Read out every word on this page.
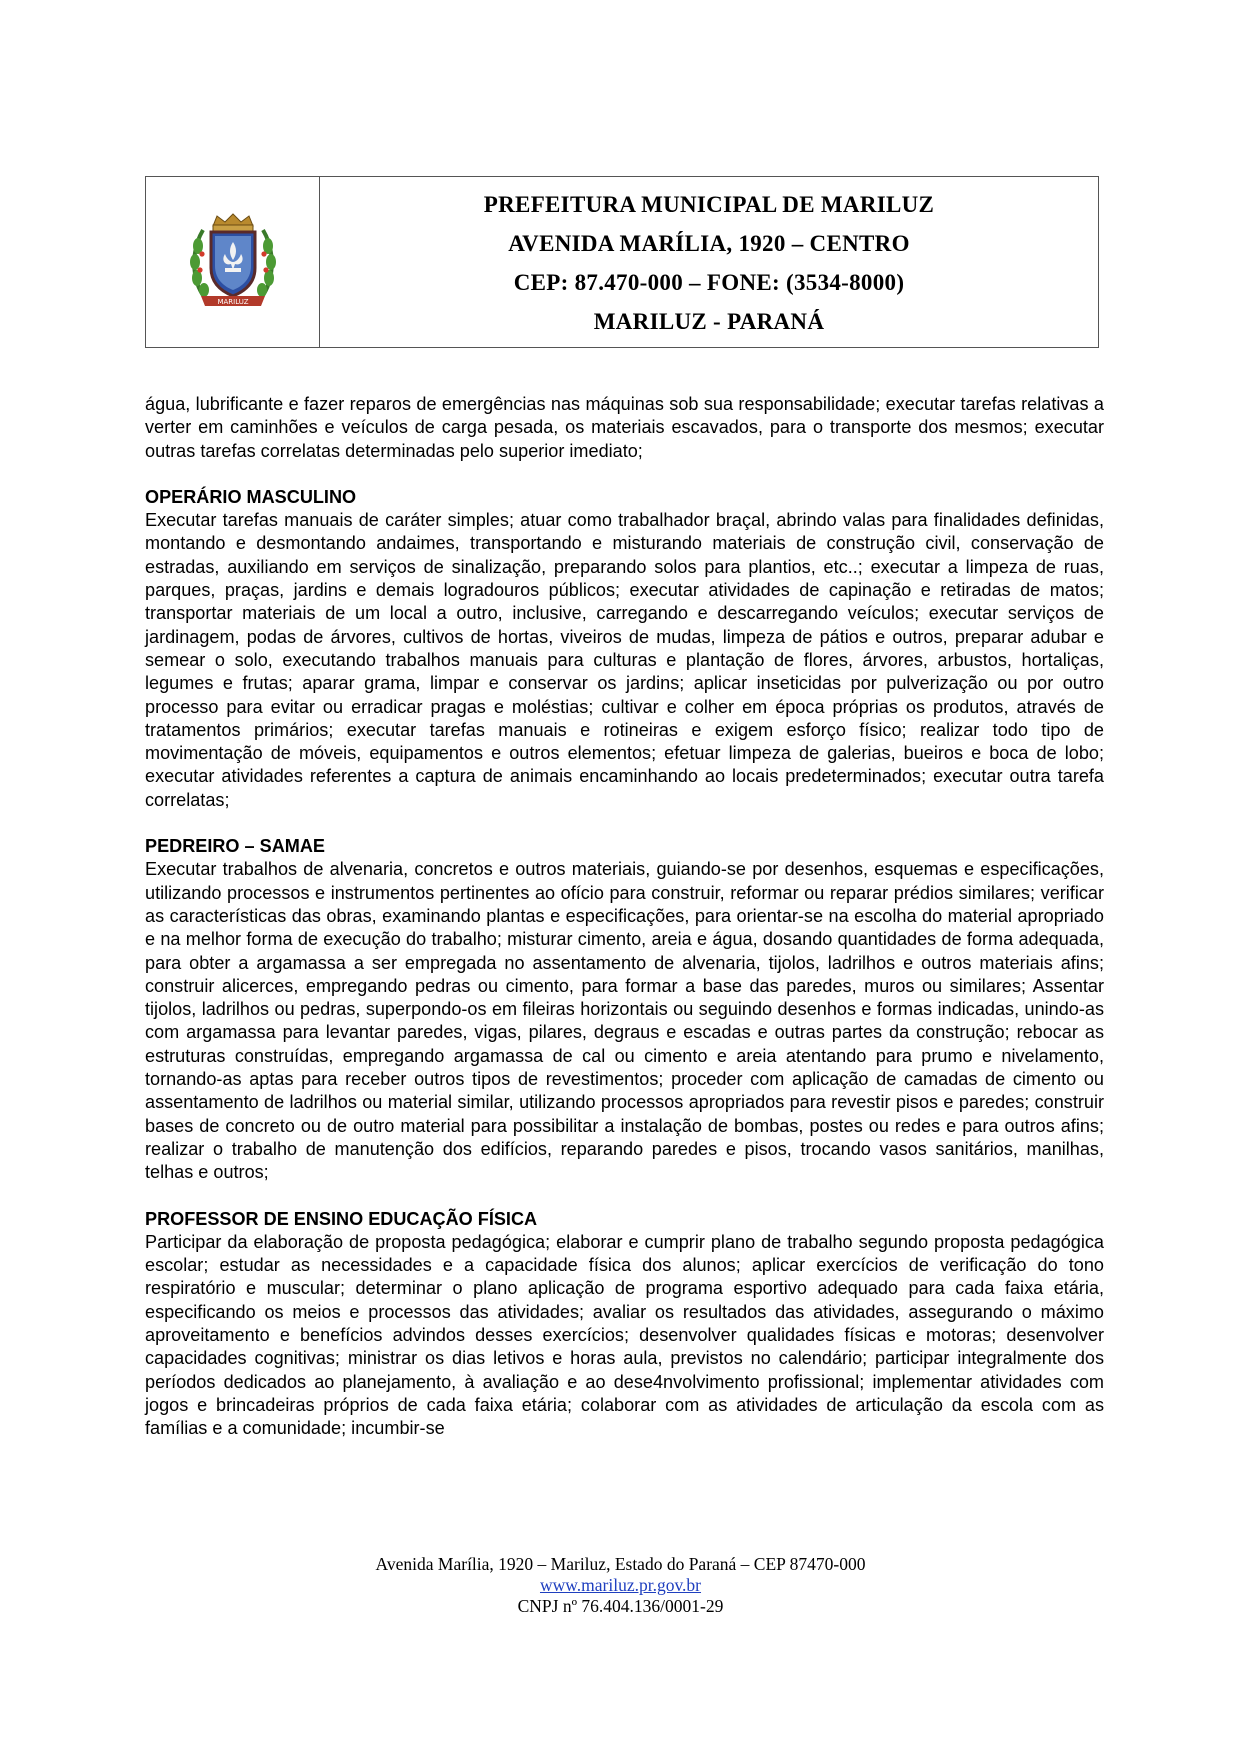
MARILUZ
PREFEITURA MUNICIPAL DE MARILUZ
AVENIDA MARÍLIA, 1920 – CENTRO
CEP: 87.470-000 – FONE: (3534-8000)
MARILUZ - PARANÁ

água, lubrificante e fazer reparos de emergências nas máquinas sob sua responsabilidade; executar tarefas relativas a verter em caminhões e veículos de carga pesada, os materiais escavados, para o transporte dos mesmos; executar outras tarefas correlatas determinadas pelo superior imediato;

OPERÁRIO MASCULINO

Executar tarefas manuais de caráter simples; atuar como trabalhador braçal, abrindo valas para finalidades definidas, montando e desmontando andaimes, transportando e misturando materiais de construção civil, conservação de estradas, auxiliando em serviços de sinalização, preparando solos para plantios, etc..; executar a limpeza de ruas, parques, praças, jardins e demais logradouros públicos; executar atividades de capinação e retiradas de matos; transportar materiais de um local a outro, inclusive, carregando e descarregando veículos; executar serviços de jardinagem, podas de árvores, cultivos de hortas, viveiros de mudas, limpeza de pátios e outros, preparar adubar e semear o solo, executando trabalhos manuais para culturas e plantação de flores, árvores, arbustos, hortaliças, legumes e frutas; aparar grama, limpar e conservar os jardins; aplicar inseticidas por pulverização ou por outro processo para evitar ou erradicar pragas e moléstias; cultivar e colher em época próprias os produtos, através de tratamentos primários; executar tarefas manuais e rotineiras e exigem esforço físico; realizar todo tipo de movimentação de móveis, equipamentos e outros elementos; efetuar limpeza de galerias, bueiros e boca de lobo; executar atividades referentes a captura de animais encaminhando ao locais predeterminados; executar outra tarefa correlatas;

PEDREIRO – SAMAE

Executar trabalhos de alvenaria, concretos e outros materiais, guiando-se por desenhos, esquemas e especificações, utilizando processos e instrumentos pertinentes ao ofício para construir, reformar ou reparar prédios similares; verificar as características das obras, examinando plantas e especificações, para orientar-se na escolha do material apropriado e na melhor forma de execução do trabalho; misturar cimento, areia e água, dosando quantidades de forma adequada, para obter a argamassa a ser empregada no assentamento de alvenaria, tijolos, ladrilhos e outros materiais afins; construir alicerces, empregando pedras ou cimento, para formar a base das paredes, muros ou similares; Assentar tijolos, ladrilhos ou pedras, superpondo-os em fileiras horizontais ou seguindo desenhos e formas indicadas, unindo-as com argamassa para levantar paredes, vigas, pilares, degraus e escadas e outras partes da construção; rebocar as estruturas construídas, empregando argamassa de cal ou cimento e areia atentando para prumo e nivelamento, tornando-as aptas para receber outros tipos de revestimentos; proceder com aplicação de camadas de cimento ou assentamento de ladrilhos ou material similar, utilizando processos apropriados para revestir pisos e paredes; construir bases de concreto ou de outro material para possibilitar a instalação de bombas, postes ou redes e para outros afins; realizar o trabalho de manutenção dos edifícios, reparando paredes e pisos, trocando vasos sanitários, manilhas, telhas e outros;

PROFESSOR DE ENSINO EDUCAÇÃO FÍSICA

Participar da elaboração de proposta pedagógica; elaborar e cumprir plano de trabalho segundo proposta pedagógica escolar; estudar as necessidades e a capacidade física dos alunos; aplicar exercícios de verificação do tono respiratório e muscular; determinar o plano aplicação de programa esportivo adequado para cada faixa etária, especificando os meios e processos das atividades; avaliar os resultados das atividades, assegurando o máximo aproveitamento e benefícios advindos desses exercícios; desenvolver qualidades físicas e motoras; desenvolver capacidades cognitivas; ministrar os dias letivos e horas aula, previstos no calendário; participar integralmente dos períodos dedicados ao planejamento, à avaliação e ao dese4nvolvimento profissional; implementar atividades com jogos e brincadeiras próprios de cada faixa etária; colaborar com as atividades de articulação da escola com as famílias e a comunidade; incumbir-se

Avenida Marília, 1920 – Mariluz, Estado do Paraná – CEP 87470-000
www.mariluz.pr.gov.br
CNPJ nº 76.404.136/0001-29
